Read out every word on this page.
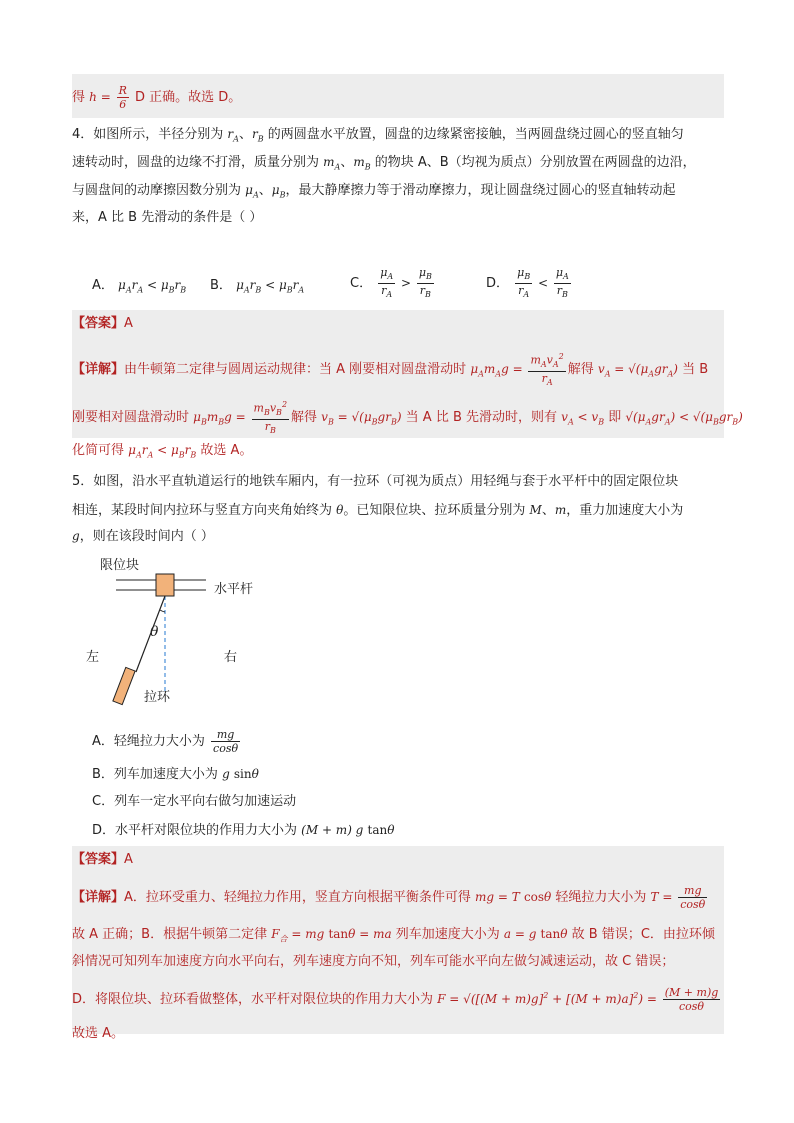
得 $h = \frac{R}{6}$ D 正确。故选 D。
4．如图所示，半径分别为 $r_A$、$r_B$ 的两圆盘水平放置，圆盘的边缘紧密接触，当两圆盘绕过圆心的竖直轴匀
速转动时，圆盘的边缘不打滑，质量分别为 $m_A$、$m_B$ 的物块 A、B（均视为质点）分别放置在两圆盘的边沿，
与圆盘间的动摩擦因数分别为 $\mu_A$、$\mu_B$，最大静摩擦力等于滑动摩擦力，现让圆盘绕过圆心的竖直轴转动起
来，A 比 B 先滑动的条件是（ ）
A． $\mu_Ar_A < \mu_Br_B$ B． $\mu_Ar_B < \mu_Br_A$	C． $\frac{\mu_A}{r_A} > \frac{\mu_B}{r_B}$	D． $\frac{\mu_B}{r_A} < \frac{\mu_A}{r_B}$
【答案】A
【详解】由牛顿第二定律与圆周运动规律：当 A 刚要相对圆盘滑动时 $\mu_Am_Ag = \frac{m_Av_A^2}{r_A}$ 解得 $v_A = √(\mu_Agr_A)$ 当 B
刚要相对圆盘滑动时 $\mu_Bm_Bg = \frac{m_Bv_B^2}{r_B}$ 解得 $v_B = √(\mu_Bgr_B)$ 当 A 比 B 先滑动时，则有 $v_A < v_B$ 即 $√(\mu_Agr_A) < √(\mu_Bgr_B)$
化简可得 $\mu_Ar_A < \mu_Br_B$ 故选 A。
5．如图，沿水平直轨道运行的地铁车厢内，有一拉环（可视为质点）用轻绳与套于水平杆中的固定限位块
相连，某段时间内拉环与竖直方向夹角始终为 θ。已知限位块、拉环质量分别为 M、m，重力加速度大小为
g，则在该段时间内（ ）
限位块
水平杆
θ
左	右
拉环
A．轻绳拉力大小为 $\frac{mg}{\cos\theta}$
B．列车加速度大小为 g sinθ
C．列车一定水平向右做匀加速运动
D．水平杆对限位块的作用力大小为 (M + m) g tanθ
【答案】A
【详解】A．拉环受重力、轻绳拉力作用，竖直方向根据平衡条件可得 mg = T cosθ 轻绳拉力大小为 $T = \frac{mg}{\cos\theta}$
故 A 正确；B．根据牛顿第二定律 $F_合$ = mg tanθ = ma 列车加速度大小为 a = g tanθ 故 B 错误；C．由拉环倾
斜情况可知列车加速度方向水平向右，列车速度方向不知，列车可能水平向左做匀减速运动，故 C 错误；
D．将限位块、拉环看做整体，水平杆对限位块的作用力大小为 $F = √([(M + m)g]^2 + [(M + m)a]^2) = \frac{(M + m)g}{\cos\theta}$
故选 A。
